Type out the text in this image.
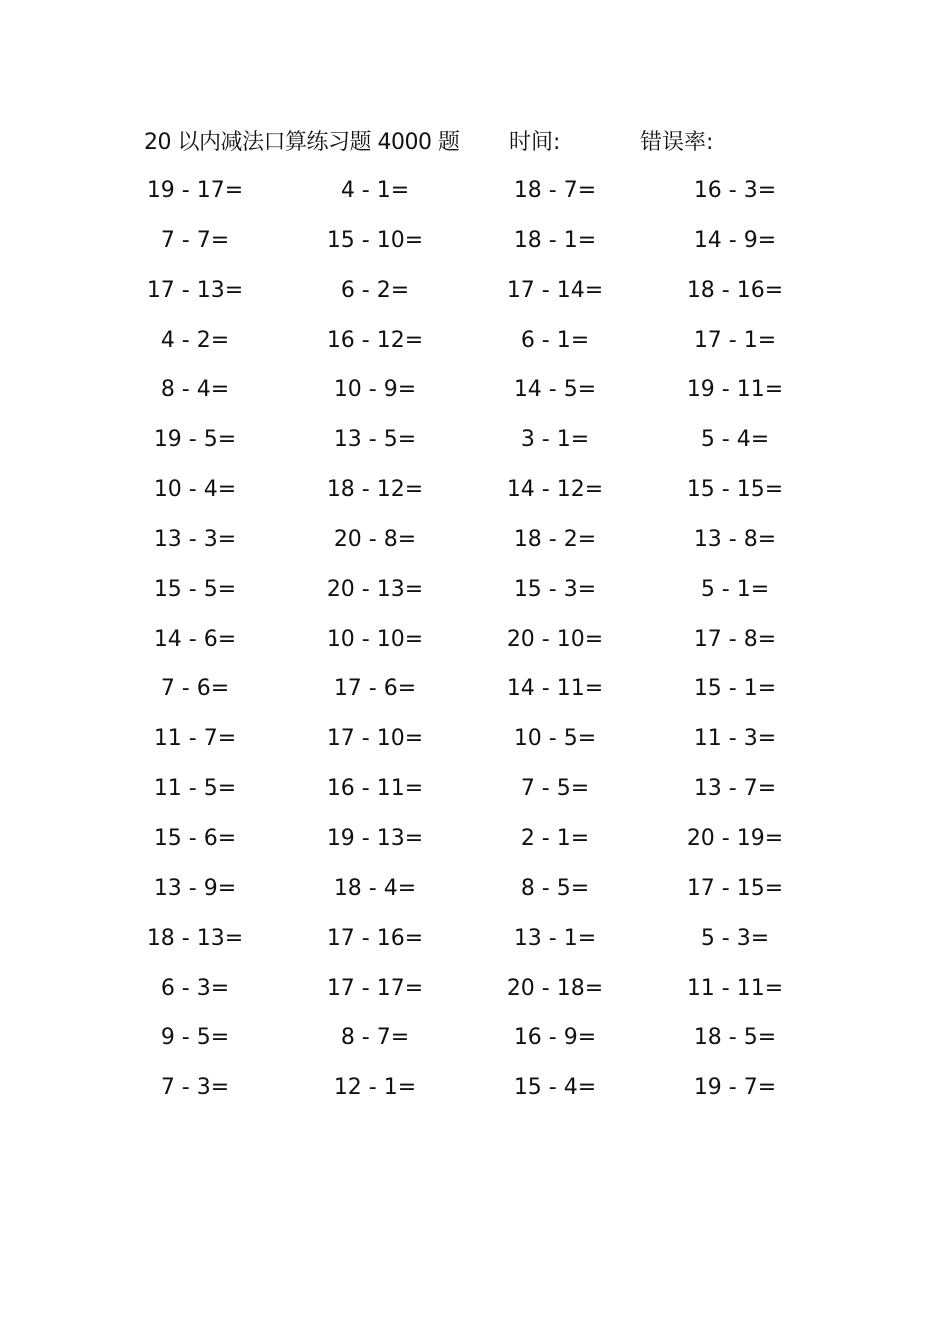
20 以内减法口算练习题 4000 题 时间:	错误率:
19 - 17=	4 - 1=	18 - 7=	16 - 3=
7 - 7=	15 - 10=	18 - 1=	14 - 9=
17 - 13=	6 - 2=	17 - 14=	18 - 16=
4 - 2=	16 - 12=	6 - 1=	17 - 1=
8 - 4=	10 - 9=	14 - 5=	19 - 11=
19 - 5=	13 - 5=	3 - 1=	5 - 4=
10 - 4=	18 - 12=	14 - 12=	15 - 15=
13 - 3=	20 - 8=	18 - 2=	13 - 8=
15 - 5=	20 - 13=	15 - 3=	5 - 1=
14 - 6=	10 - 10=	20 - 10=	17 - 8=
7 - 6=	17 - 6=	14 - 11=	15 - 1=
11 - 7=	17 - 10=	10 - 5=	11 - 3=
11 - 5=	16 - 11=	7 - 5=	13 - 7=
15 - 6=	19 - 13=	2 - 1=	20 - 19=
13 - 9=	18 - 4=	8 - 5=	17 - 15=
18 - 13=	17 - 16=	13 - 1=	5 - 3=
6 - 3=	17 - 17=	20 - 18=	11 - 11=
9 - 5=	8 - 7=	16 - 9=	18 - 5=
7 - 3=	12 - 1=	15 - 4=	19 - 7=
